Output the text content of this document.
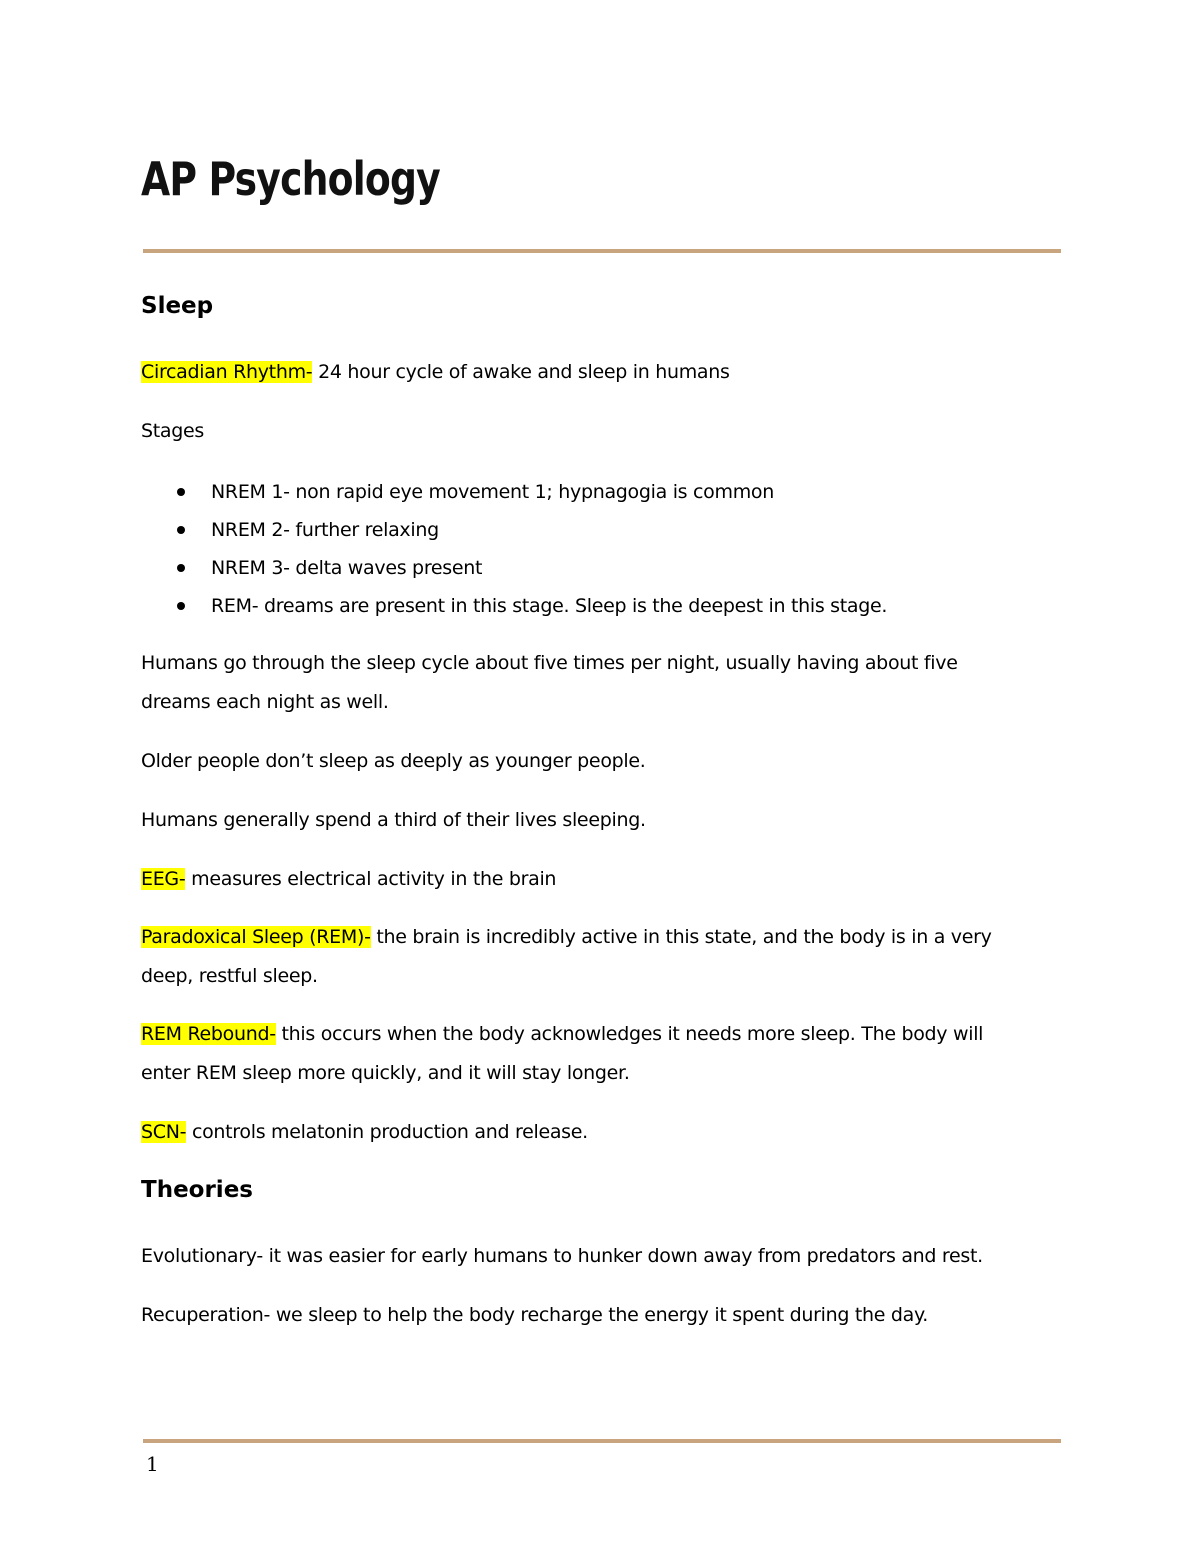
AP Psychology
Sleep

Circadian Rhythm- 24 hour cycle of awake and sleep in humans

Stages

NREM 1- non rapid eye movement 1; hypnagogia is common
NREM 2- further relaxing
NREM 3- delta waves present
REM- dreams are present in this stage. Sleep is the deepest in this stage.

Humans go through the sleep cycle about five times per night, usually having about five
dreams each night as well.

Older people don’t sleep as deeply as younger people.

Humans generally spend a third of their lives sleeping.

EEG- measures electrical activity in the brain

Paradoxical Sleep (REM)- the brain is incredibly active in this state, and the body is in a very
deep, restful sleep.

REM Rebound- this occurs when the body acknowledges it needs more sleep. The body will
enter REM sleep more quickly, and it will stay longer.

SCN- controls melatonin production and release.

Theories

Evolutionary- it was easier for early humans to hunker down away from predators and rest.

Recuperation- we sleep to help the body recharge the energy it spent during the day.

1
